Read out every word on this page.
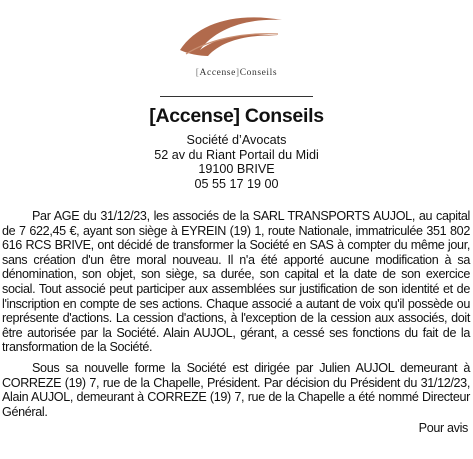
[Accense]Conseils
[Accense] Conseils
Société d’Avocats
52 av du Riant Portail du Midi
19100 BRIVE
05 55 17 19 00

Par AGE du 31/12/23, les associés de la SARL TRANSPORTS AUJOL, au capital de 7 622,45 €, ayant son siège à EYREIN (19) 1, route Nationale, immatriculée 351 802 616 RCS BRIVE, ont décidé de transformer la Société en SAS à compter du même jour, sans création d'un être moral nouveau. Il n'a été apporté aucune modification à sa dénomination, son objet, son siège, sa durée, son capital et la date de son exercice social. Tout associé peut participer aux assemblées sur justification de son identité et de l'inscription en compte de ses actions. Chaque associé a autant de voix qu'il possède ou représente d'actions. La cession d'actions, à l'exception de la cession aux associés, doit être autorisée par la Société. Alain AUJOL, gérant, a cessé ses fonctions du fait de la transformation de la Société.

Sous sa nouvelle forme la Société est dirigée par Julien AUJOL demeurant à CORREZE (19) 7, rue de la Chapelle, Président. Par décision du Président du 31/12/23, Alain AUJOL, demeurant à CORREZE (19) 7, rue de la Chapelle a été nommé Directeur Général.

Pour avis
